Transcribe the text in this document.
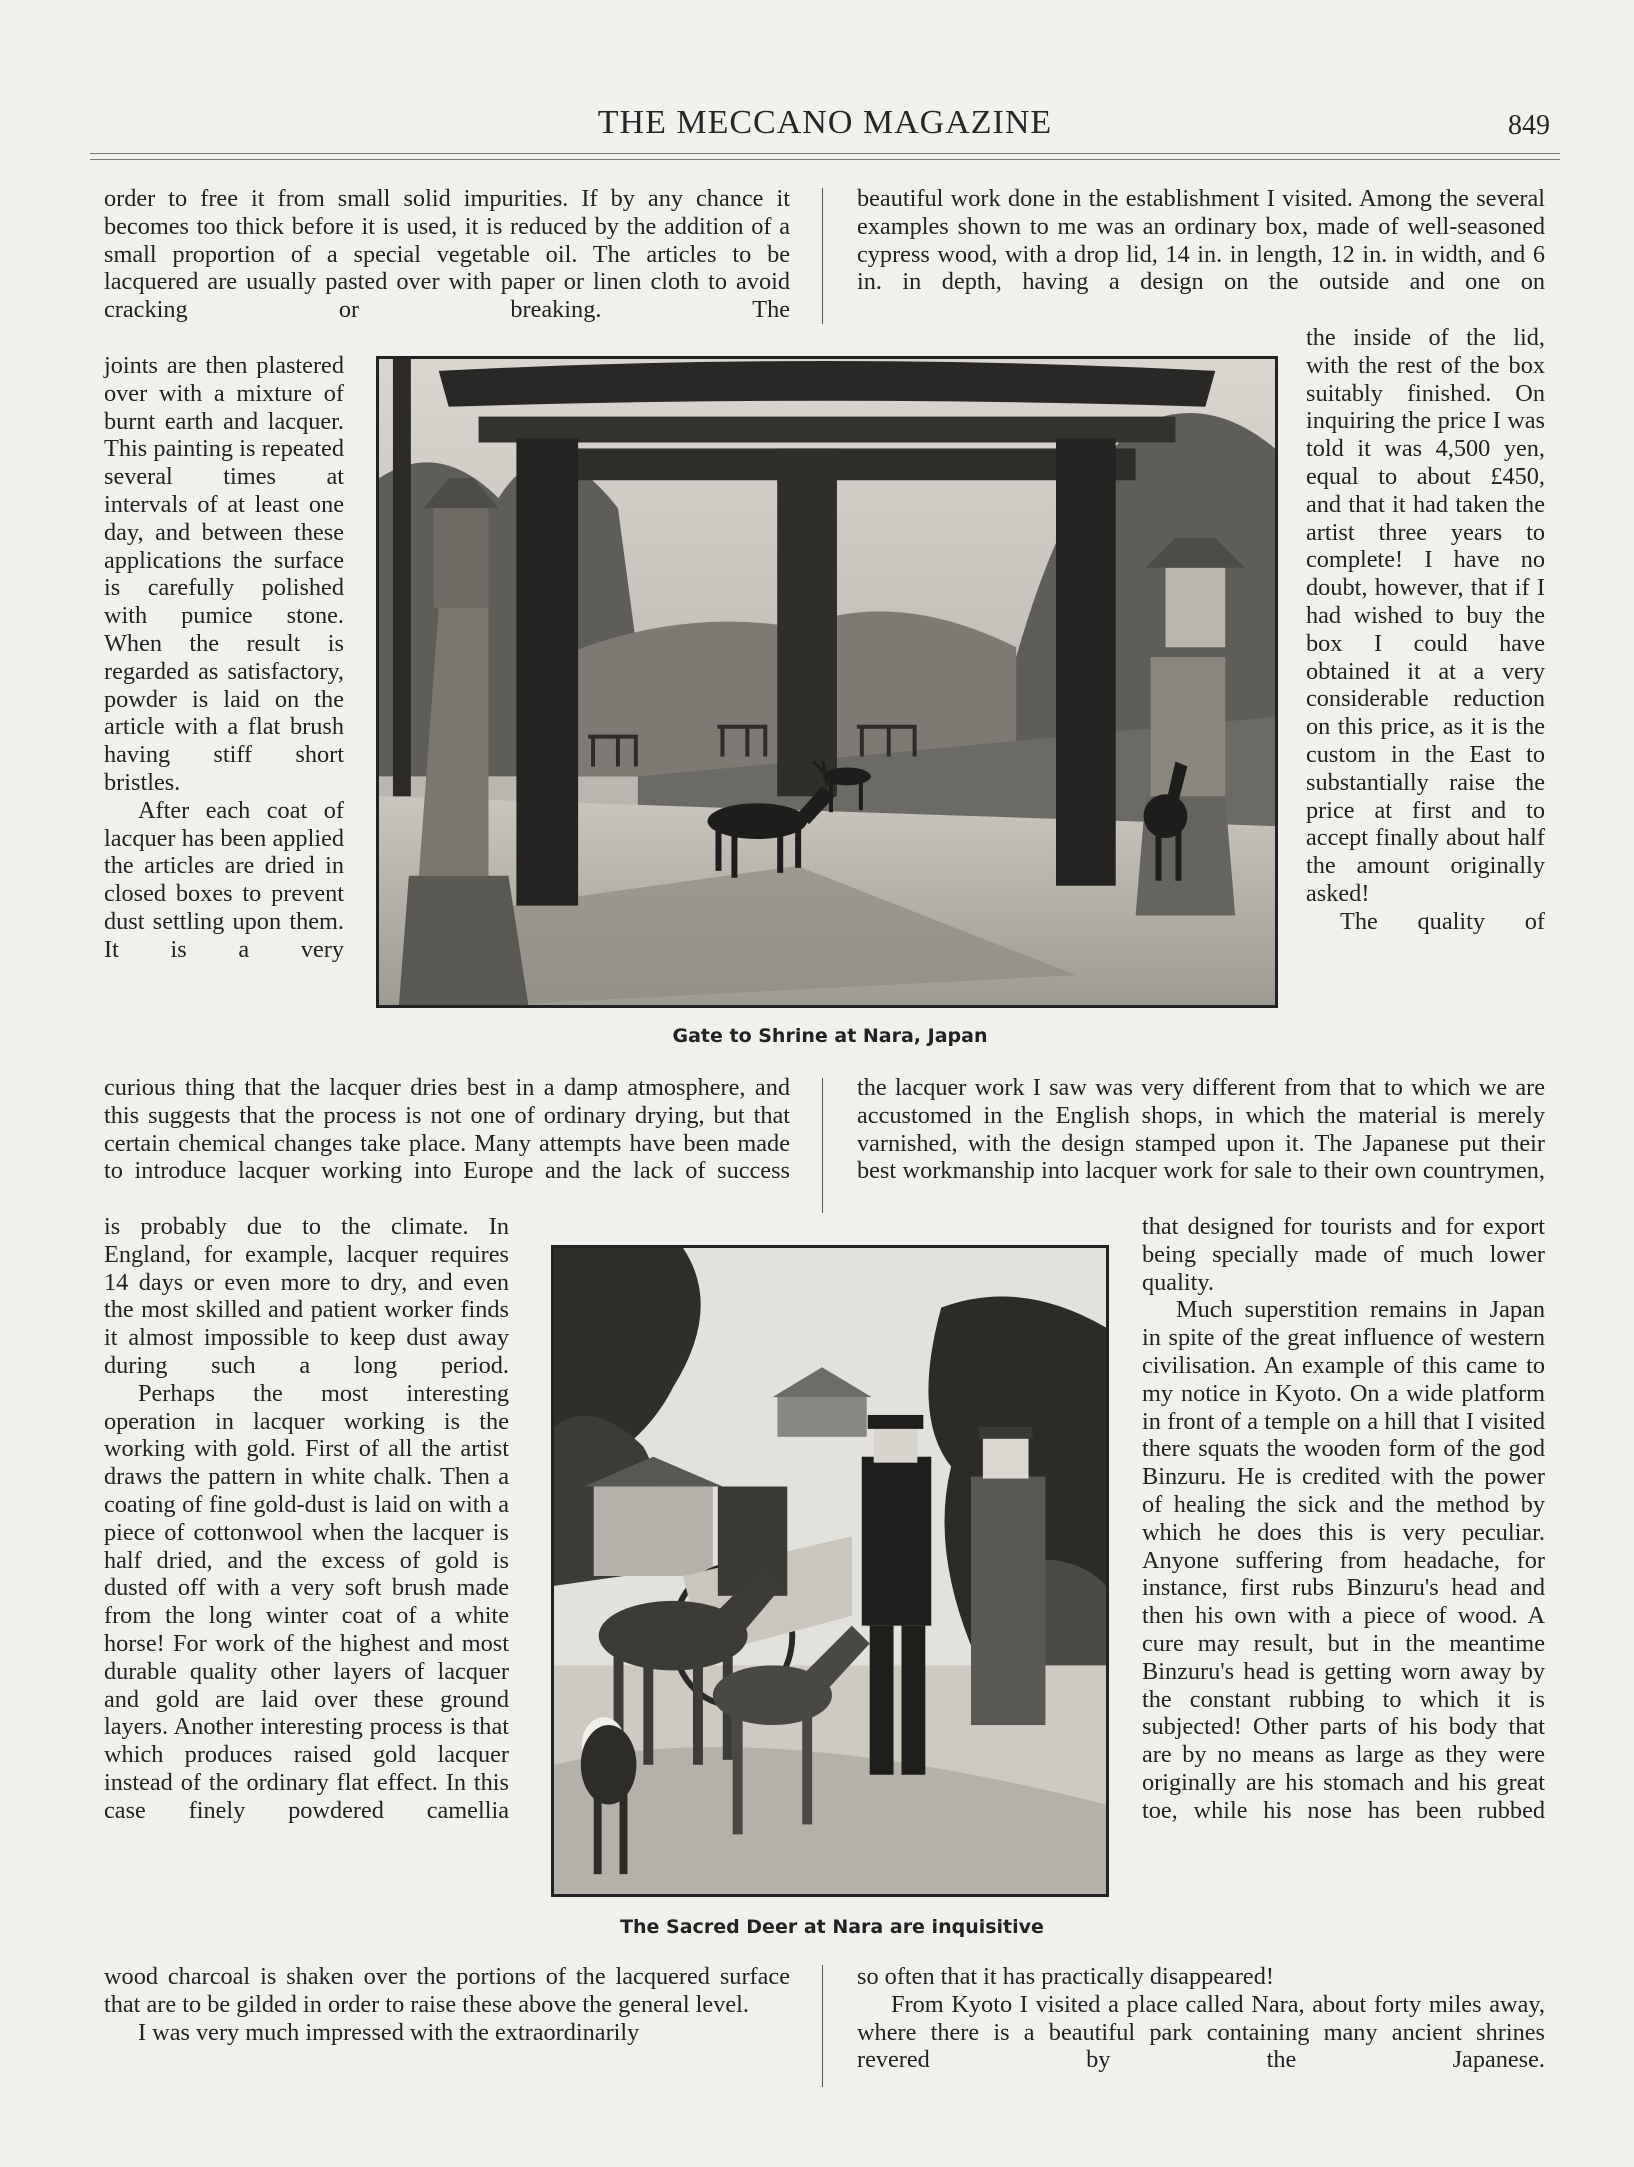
THE MECCANO MAGAZINE	849

order to free it from small solid impurities. If by any chance it becomes too thick before it is used, it is reduced by the addition of a small proportion of a special vegetable oil. The articles to be lacquered are usually pasted over with paper or linen cloth to avoid cracking or breaking. The

joints are then plastered over with a mixture of burnt earth and lacquer. This painting is repeated several times at intervals of at least one day, and between these applications the surface is carefully polished with pumice stone. When the result is regarded as satisfactory, powder is laid on the article with a flat brush having stiff short bristles.

After each coat of lacquer has been applied the articles are dried in closed boxes to prevent dust settling upon them. It is a very

curious thing that the lacquer dries best in a damp atmosphere, and this suggests that the process is not one of ordinary drying, but that certain chemical changes take place. Many attempts have been made to introduce lacquer working into Europe and the lack of success

is probably due to the climate. In England, for example, lacquer requires 14 days or even more to dry, and even the most skilled and patient worker finds it almost impossible to keep dust away during such a long period.

Perhaps the most interesting operation in lacquer working is the working with gold. First of all the artist draws the pattern in white chalk. Then a coating of fine gold-dust is laid on with a piece of cottonwool when the lacquer is half dried, and the excess of gold is dusted off with a very soft brush made from the long winter coat of a white horse! For work of the highest and most durable quality other layers of lacquer and gold are laid over these ground layers. Another interesting process is that which produces raised gold lacquer instead of the ordinary flat effect. In this case finely powdered camellia

wood charcoal is shaken over the portions of the lacquered surface that are to be gilded in order to raise these above the general level.

I was very much impressed with the extraordinarily

beautiful work done in the establishment I visited. Among the several examples shown to me was an ordinary box, made of well-seasoned cypress wood, with a drop lid, 14 in. in length, 12 in. in width, and 6 in. in depth, having a design on the outside and one on

the inside of the lid, with the rest of the box suitably finished. On inquiring the price I was told it was 4,500 yen, equal to about £450, and that it had taken the artist three years to complete! I have no doubt, however, that if I had wished to buy the box I could have obtained it at a very considerable reduction on this price, as it is the custom in the East to substantially raise the price at first and to accept finally about half the amount originally asked!

The quality of

the lacquer work I saw was very different from that to which we are accustomed in the English shops, in which the material is merely varnished, with the design stamped upon it. The Japanese put their best workmanship into lacquer work for sale to their own countrymen,

that designed for tourists and for export being specially made of much lower quality.

Much superstition remains in Japan in spite of the great influence of western civilisation. An example of this came to my notice in Kyoto. On a wide platform in front of a temple on a hill that I visited there squats the wooden form of the god Binzuru. He is credited with the power of healing the sick and the method by which he does this is very peculiar. Anyone suffering from headache, for instance, first rubs Binzuru's head and then his own with a piece of wood. A cure may result, but in the meantime Binzuru's head is getting worn away by the constant rubbing to which it is subjected! Other parts of his body that are by no means as large as they were originally are his stomach and his great toe, while his nose has been rubbed

so often that it has practically disappeared!

From Kyoto I visited a place called Nara, about forty miles away, where there is a beautiful park containing many ancient shrines revered by the Japanese.

Gate to Shrine at Nara, Japan
The Sacred Deer at Nara are inquisitive
